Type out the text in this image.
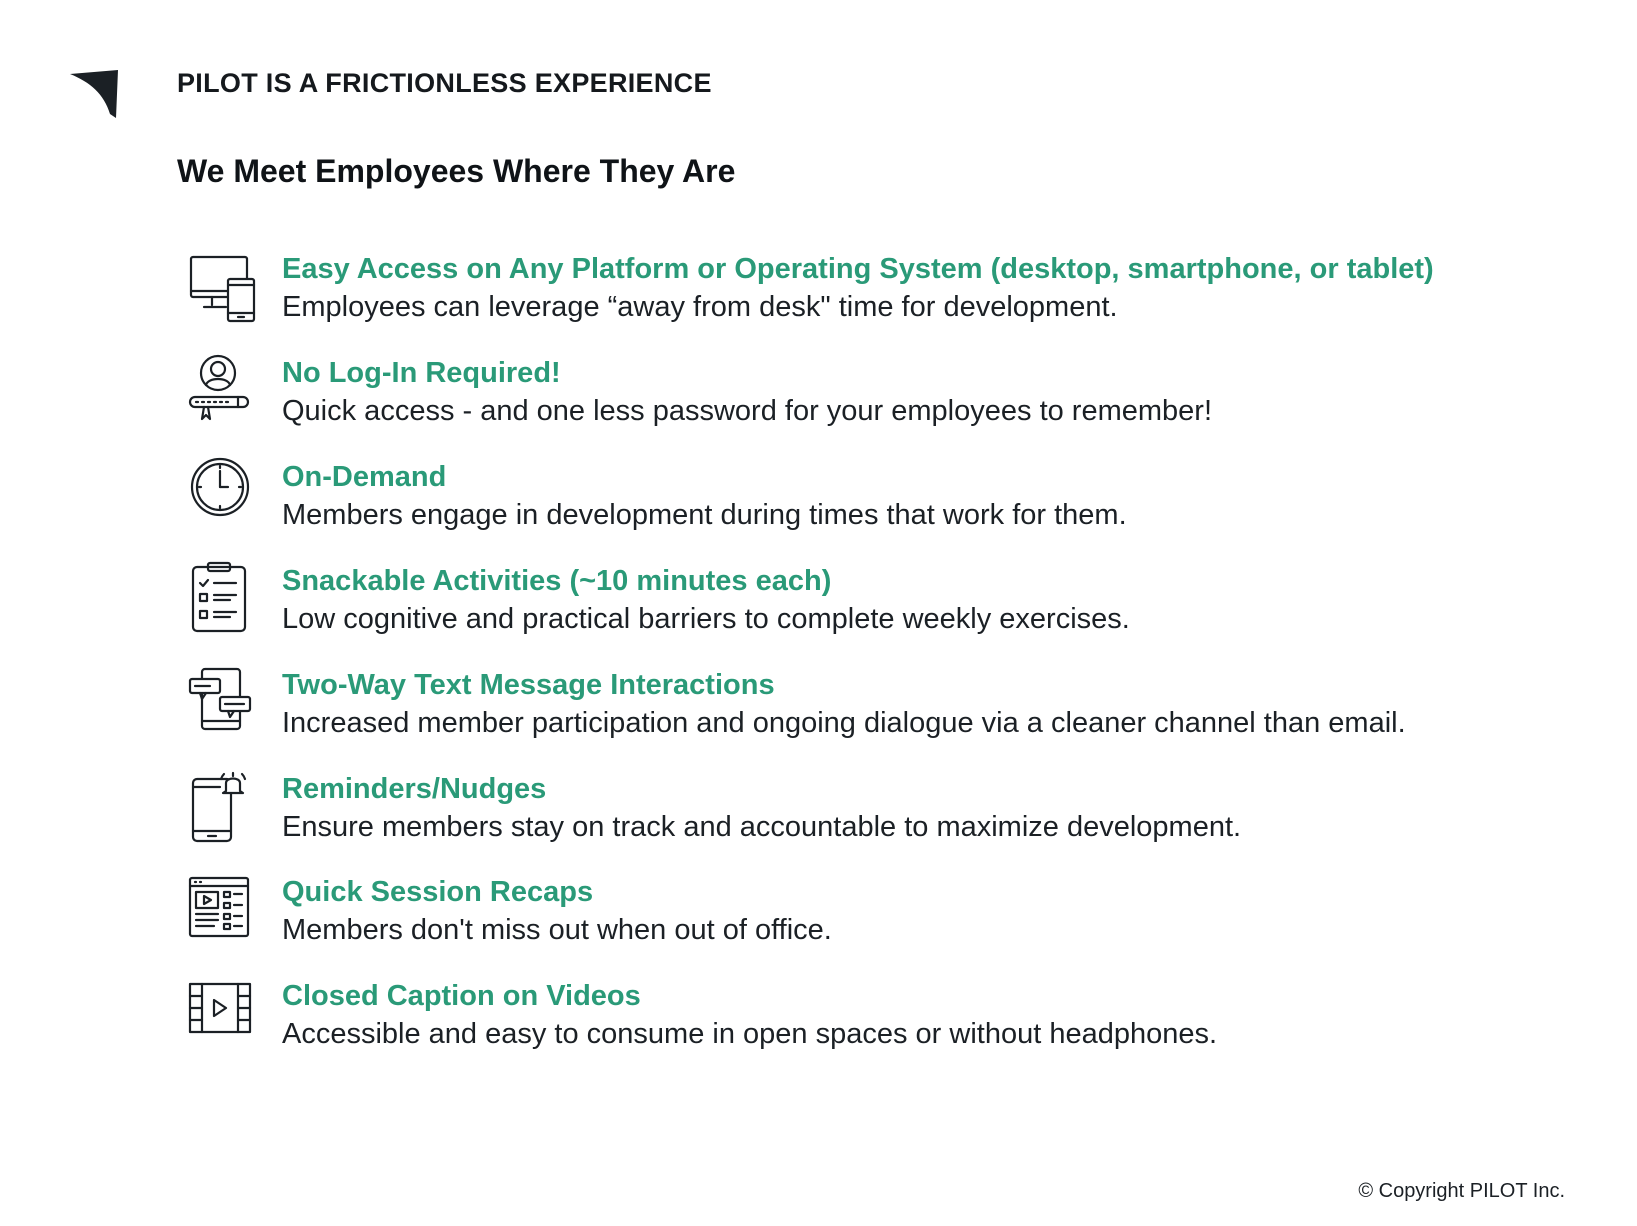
PILOT IS A FRICTIONLESS EXPERIENCE
We Meet Employees Where They Are
Easy Access on Any Platform or Operating System (desktop, smartphone, or tablet)
Employees can leverage “away from desk" time for development.
No Log-In Required!
Quick access - and one less password for your employees to remember!
On-Demand
Members engage in development during times that work for them.
Snackable Activities (~10 minutes each)
Low cognitive and practical barriers to complete weekly exercises.
Two-Way Text Message Interactions
Increased member participation and ongoing dialogue via a cleaner channel than email.
Reminders/Nudges
Ensure members stay on track and accountable to maximize development.
Quick Session Recaps
Members don't miss out when out of office.
Closed Caption on Videos
Accessible and easy to consume in open spaces or without headphones.
© Copyright PILOT Inc.
